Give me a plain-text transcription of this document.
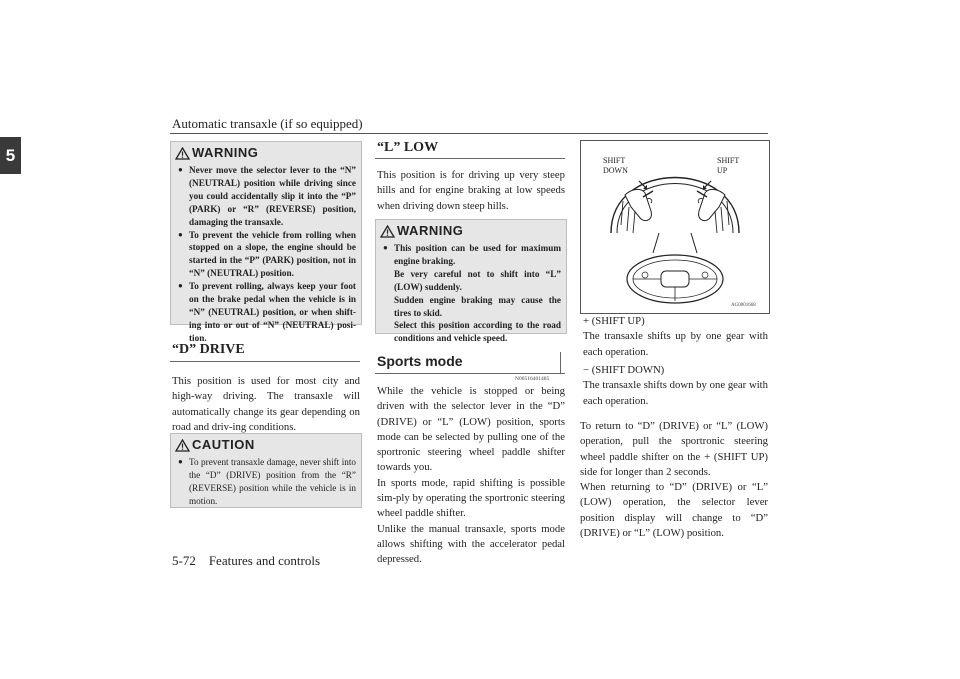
Automatic transaxle (if so equipped)
5	WARNING
● Never move the selector lever to the “N” (NEUTRAL) position while driving since you could accidentally slip it into the “P” (PARK) or “R” (REVERSE) position, damaging the transaxle.
● To prevent the vehicle from rolling when stopped on a slope, the engine should be started in the “P” (PARK) position, not in “N” (NEUTRAL) position.
● To prevent rolling, always keep your foot on the brake pedal when the vehicle is in “N” (NEUTRAL) position, or when shift-ing into or out of “N” (NEUTRAL) posi-tion.
“D” DRIVE
This position is used for most city and high-way driving. The transaxle will automatically change its gear depending on road and driv-ing conditions.
CAUTION
● To prevent transaxle damage, never shift into the “D” (DRIVE) position from the “R” (REVERSE) position while the vehicle is in motion.
“L” LOW
This position is for driving up very steep hills and for engine braking at low speeds when driving down steep hills.
WARNING
● This position can be used for maximum engine braking.
Be very careful not to shift into “L” (LOW) suddenly.
Sudden engine braking may cause the tires to skid.
Select this position according to the road conditions and vehicle speed.
Sports mode
N00516401485
While the vehicle is stopped or being driven with the selector lever in the “D” (DRIVE) or “L” (LOW) position, sports mode can be selected by pulling one of the sportronic steering wheel paddle shifter towards you.
In sports mode, rapid shifting is possible sim-ply by operating the sportronic steering wheel paddle shifter.
Unlike the manual transaxle, sports mode allows shifting with the accelerator pedal depressed.
SHIFT
DOWN
SHIFT
UP
AG0001668
+ (SHIFT UP)
The transaxle shifts up by one gear with each operation.
− (SHIFT DOWN)
The transaxle shifts down by one gear with each operation.
To return to “D” (DRIVE) or “L” (LOW) operation, pull the sportronic steering wheel paddle shifter on the + (SHIFT UP) side for longer than 2 seconds.
When returning to “D” (DRIVE) or “L” (LOW) operation, the selector lever position display will change to “D” (DRIVE) or “L” (LOW) position.
5-72    Features and controls
